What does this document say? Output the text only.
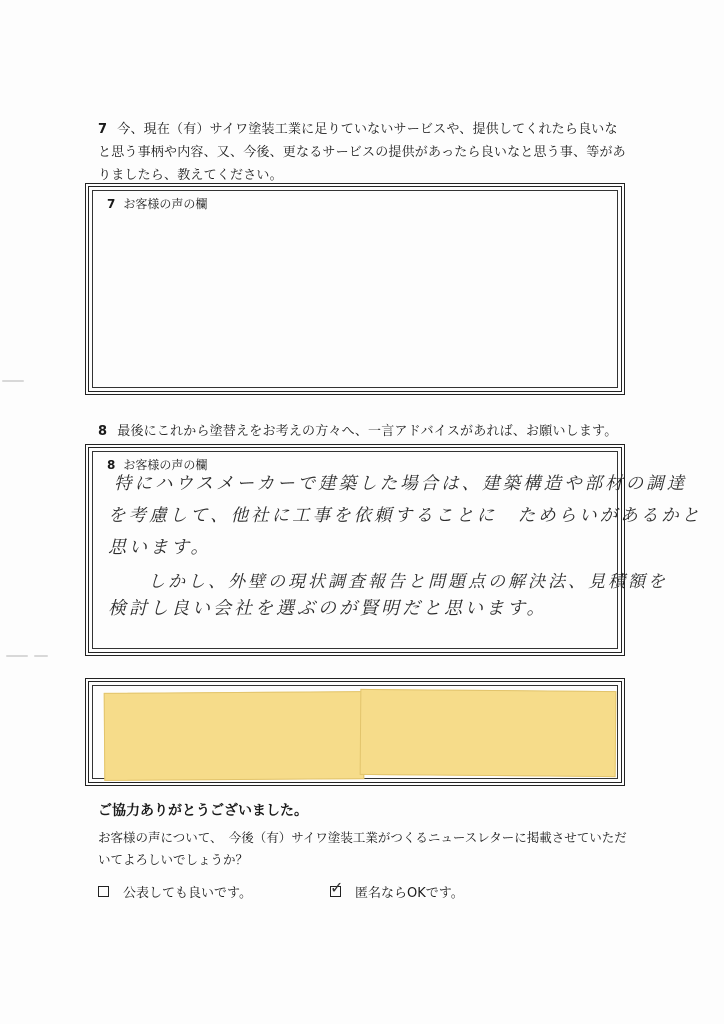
7 今、現在（有）サイワ塗装工業に足りていないサービスや、提供してくれたら良いなと思う事柄や内容、又、今後、更なるサービスの提供があったら良いなと思う事、等がありましたら、教えてください。
7 お客様の声の欄
8 最後にこれから塗替えをお考えの方々へ、一言アドバイスがあれば、お願いします。
8 お客様の声の欄
特にハウスメーカーで建築した場合は、建築構造や部材の調達
を考慮して、他社に工事を依頼することに　ためらいがあるかと
思います。
しかし、外壁の現状調査報告と問題点の解決法、見積額を
検討し良い会社を選ぶのが賢明だと思います。
ご協力ありがとうございました。
お客様の声について、　今後（有）サイワ塗装工業がつくるニュースレターに掲載させていただいてよろしいでしょうか？
公表しても良いです。	✓ 匿名ならOKです。
